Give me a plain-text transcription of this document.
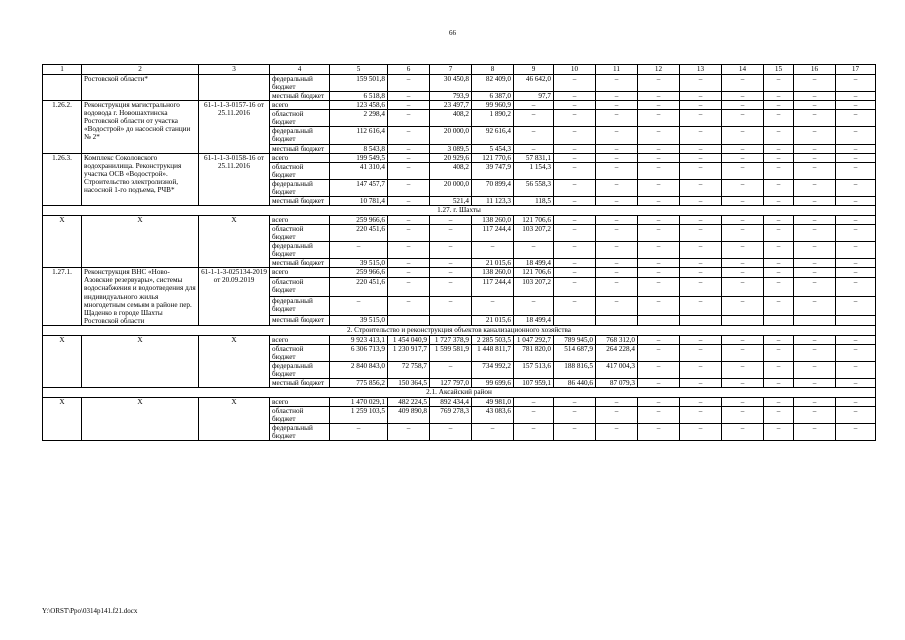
66
1	2	3	4	5	6	7	8	9	10	11	12	13	14	15	16	17
	Ростовской области*		федеральный бюджет	159 501,8	–	30 450,8	82 409,0	46 642,0	–	–	–	–	–	–	–	–
			местный бюджет	6 518,8	–	793,9	6 387,0	97,7	–	–	–	–	–	–	–	–
1.26.2.	Реконструкция магистрального водовода г. Новошахтинска Ростовской области от участка «Водострой» до насосной станции № 2*	61-1-1-3-0157-16 от 25.11.2016	всего	123 458,6	–	23 497,7	99 960,9	–	–	–	–	–	–	–	–	–
			областной бюджет	2 298,4	–	408,2	1 890,2	–	–	–	–	–	–	–	–	–
			федеральный бюджет	112 616,4	–	20 000,0	92 616,4	–	–	–	–	–	–	–	–	–
			местный бюджет	8 543,8	–	3 089,5	5 454,3	–	–	–	–	–	–	–	–	–
1.26.3.	Комплекс Соколовского водохранилища. Реконструкция участка ОСВ «Водострой». Строительство электролизной, насосной 1-го подъема, РЧВ*	61-1-1-3-0158-16 от 25.11.2016	всего	199 549,5	–	20 929,6	121 770,6	57 831,1	–	–	–	–	–	–	–	–
			областной бюджет	41 310,4	–	408,2	39 747,9	1 154,3	–	–	–	–	–	–	–	–
			федеральный бюджет	147 457,7	–	20 000,0	70 899,4	56 558,3	–	–	–	–	–	–	–	–
			местный бюджет	10 781,4	–	521,4	11 123,3	118,5	–	–	–	–	–	–	–	–
1.27. г. Шахты																
Х	Х	Х	всего	259 966,6	–	–	138 260,0	121 706,6	–	–	–	–	–	–	–	–
			областной бюджет	220 451,6	–	–	117 244,4	103 207,2	–	–	–	–	–	–	–	–
			федеральный бюджет	–	–	–	–	–	–	–	–	–	–	–	–	–
			местный бюджет	39 515,0	–	–	21 015,6	18 499,4	–	–	–	–	–	–	–	–
1.27.1.	Реконструкция ВНС «Ново-Азовские резервуары», системы водоснабжения и водоотведения для индивидуального жилья многодетным семьям в районе пер. Щаденко в городе Шахты Ростовской области	61-1-1-3-025134-2019 от 20.09.2019	всего	259 966,6	–	–	138 260,0	121 706,6	–	–	–	–	–	–	–	–
			областной бюджет	220 451,6	–	–	117 244,4	103 207,2	–	–	–	–	–	–	–	–
			федеральный бюджет	–	–	–	–	–	–	–	–	–	–	–	–	–
			местный бюджет	39 515,0			21 015,6	18 499,4								
2. Строительство и реконструкция объектов канализационного хозяйства																
Х	Х	Х	всего	9 923 413,1	1 454 040,9	1 727 378,9	2 285 503,5	1 047 292,7	789 945,0	768 312,0	–	–	–	–	–	–
			областной бюджет	6 306 713,9	1 230 917,7	1 599 581,9	1 448 811,7	781 820,0	514 687,9	264 228,4	–	–	–	–	–	–
			федеральный бюджет	2 840 843,0	72 758,7	–	734 992,2	157 513,6	188 816,5	417 004,3	–	–	–	–	–	–
			местный бюджет	775 856,2	150 364,5	127 797,0	99 699,6	107 959,1	86 440,6	87 079,3	–	–	–	–	–	–
2.1. Аксайский район																
Х	Х	Х	всего	1 470 029,1	482 224,5	892 434,4	49 981,0	–	–	–	–	–	–	–	–	–
			областной бюджет	1 259 103,5	409 890,8	769 278,3	43 083,6	–	–	–	–	–	–	–	–	–
			федеральный бюджет	–	–	–	–	–	–	–	–	–	–	–	–	–
Y:\ORST\Ppo\0314p141.f21.docx
